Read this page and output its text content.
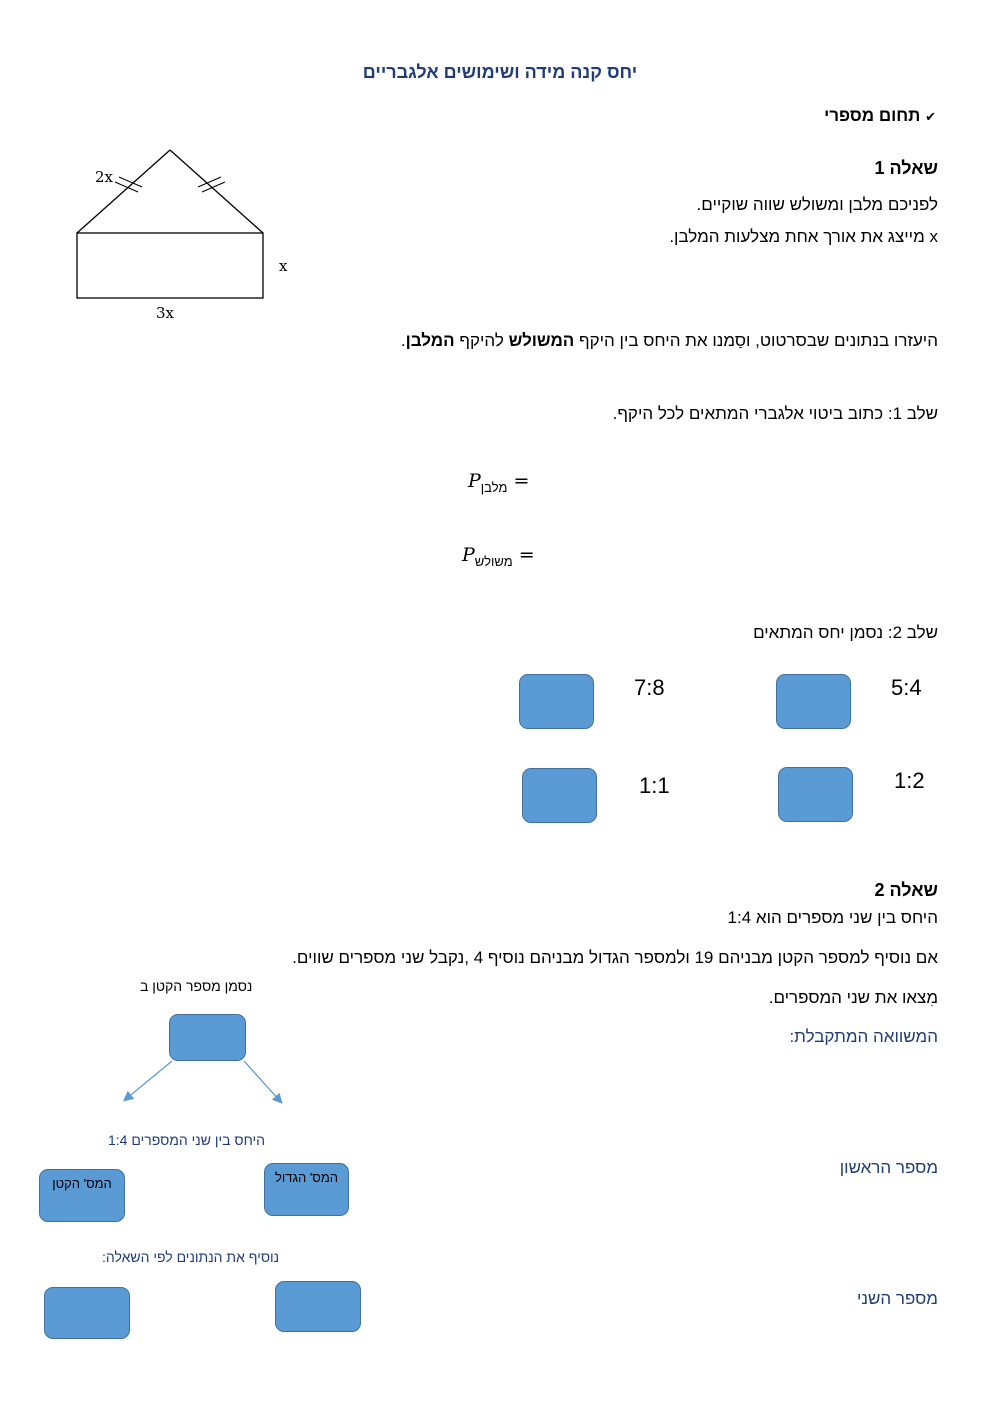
יחס קנה מידה ושימושים אלגבריים
✔ תחום מספרי
2x
x
3x
שאלה 1
לפניכם מלבן ומשולש שווה שוקיים.
x מייצג את אורך אחת מצלעות המלבן.
היעזרו בנתונים שבסרטוט, וסַמנו את היחס בין היקף המשולש להיקף המלבן.
שלב 1: כתוב ביטוי אלגברי המתאים לכל היקף.
$P_{מלבן}$ =
$P_{משולש}$ =
שלב 2: נסמן יחס המתאים
5:4
7:8
1:2
1:1
שאלה 2
היחס בין שני מספרים הוא 1:4
אם נוסיף למספר הקטן מבניהם 19 ולמספר הגדול מבניהם נוסיף 4 ,נקבל שני מספרים שווים.
מִצאו את שני המספרים.
המשוואה המתקבלת:
מספר הראשון
מספר השני
נסמן מספר הקטן ב
היחס בין שני המספרים 1:4
המס' הגדול
המס' הקטן
נוסיף את הנתונים לפי השאלה:
